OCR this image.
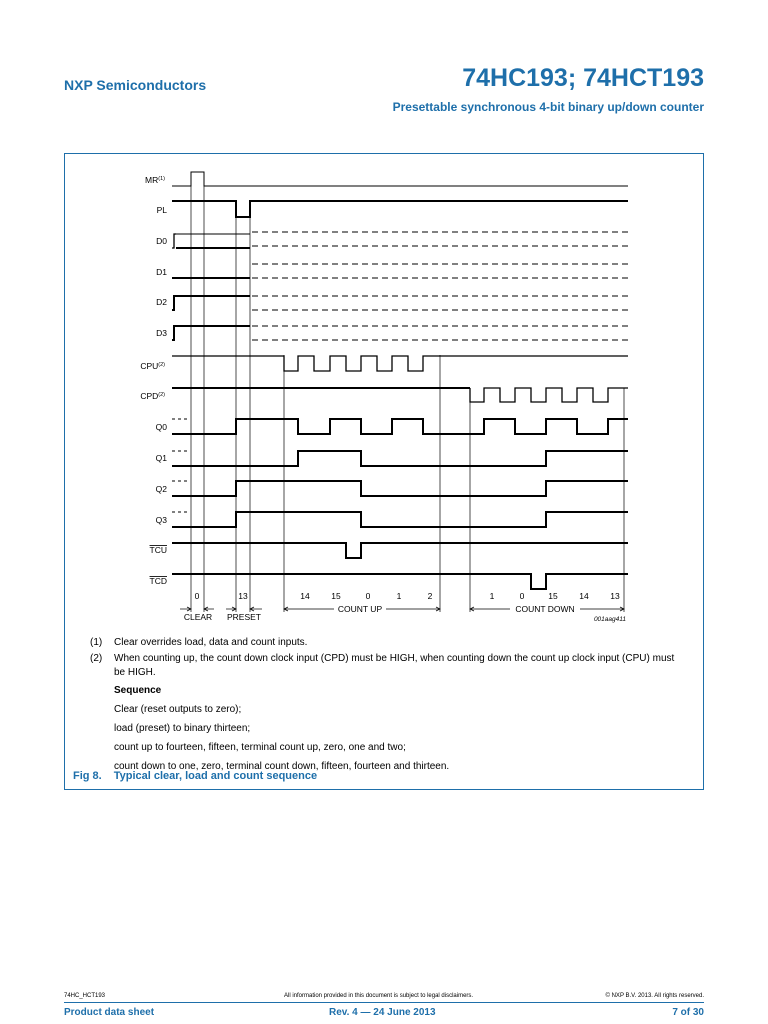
NXP Semiconductors	74HC193; 74HCT193
Presettable synchronous 4-bit binary up/down counter
MR$^{(1)}$
PL
D0
D1
D2
D3
CPU$^{(2)}$
CPD$^{(2)}$
Q0
Q1
Q2
Q3
TCU
TCD
0	13	14	15	0	1	2	1	0	15	14	13
CLEAR PRESET
COUNT UP	COUNT DOWN
001aag411
(1)	Clear overrides load, data and count inputs.
(2)	When counting up, the count down clock input (CPD) must be HIGH, when counting down the count up clock input (CPU) must be HIGH.
Sequence
Clear (reset outputs to zero);
load (preset) to binary thirteen;
count up to fourteen, fifteen, terminal count up, zero, one and two;
count down to one, zero, terminal count down, fifteen, fourteen and thirteen.
Fig 8. Typical clear, load and count sequence
74HC_HCT193	All information provided in this document is subject to legal disclaimers.	© NXP B.V. 2013. All rights reserved.
Product data sheet	Rev. 4 — 24 June 2013	7 of 30
